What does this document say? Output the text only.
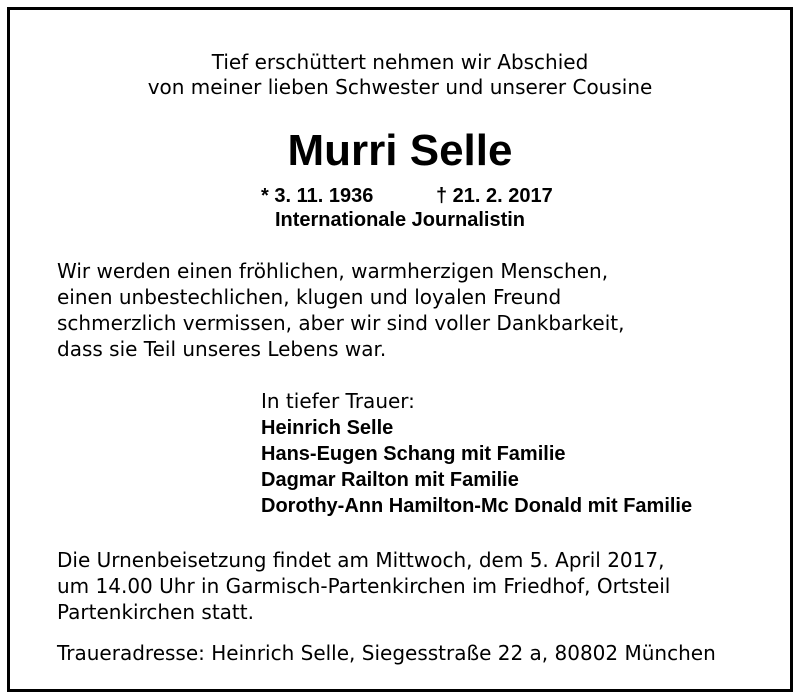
Tief erschüttert nehmen wir Abschied
von meiner lieben Schwester und unserer Cousine
Murri Selle
* 3. 11. 1936	† 21. 2. 2017
Internationale Journalistin
Wir werden einen fröhlichen, warmherzigen Menschen,
einen unbestechlichen, klugen und loyalen Freund
schmerzlich vermissen, aber wir sind voller Dankbarkeit,
dass sie Teil unseres Lebens war.
In tiefer Trauer:
Heinrich Selle
Hans-Eugen Schang mit Familie
Dagmar Railton mit Familie
Dorothy-Ann Hamilton-Mc Donald mit Familie
Die Urnenbeisetzung findet am Mittwoch, dem 5. April 2017,
um 14.00 Uhr in Garmisch-Partenkirchen im Friedhof, Ortsteil
Partenkirchen statt.
Traueradresse: Heinrich Selle, Siegesstraße 22 a, 80802 München
